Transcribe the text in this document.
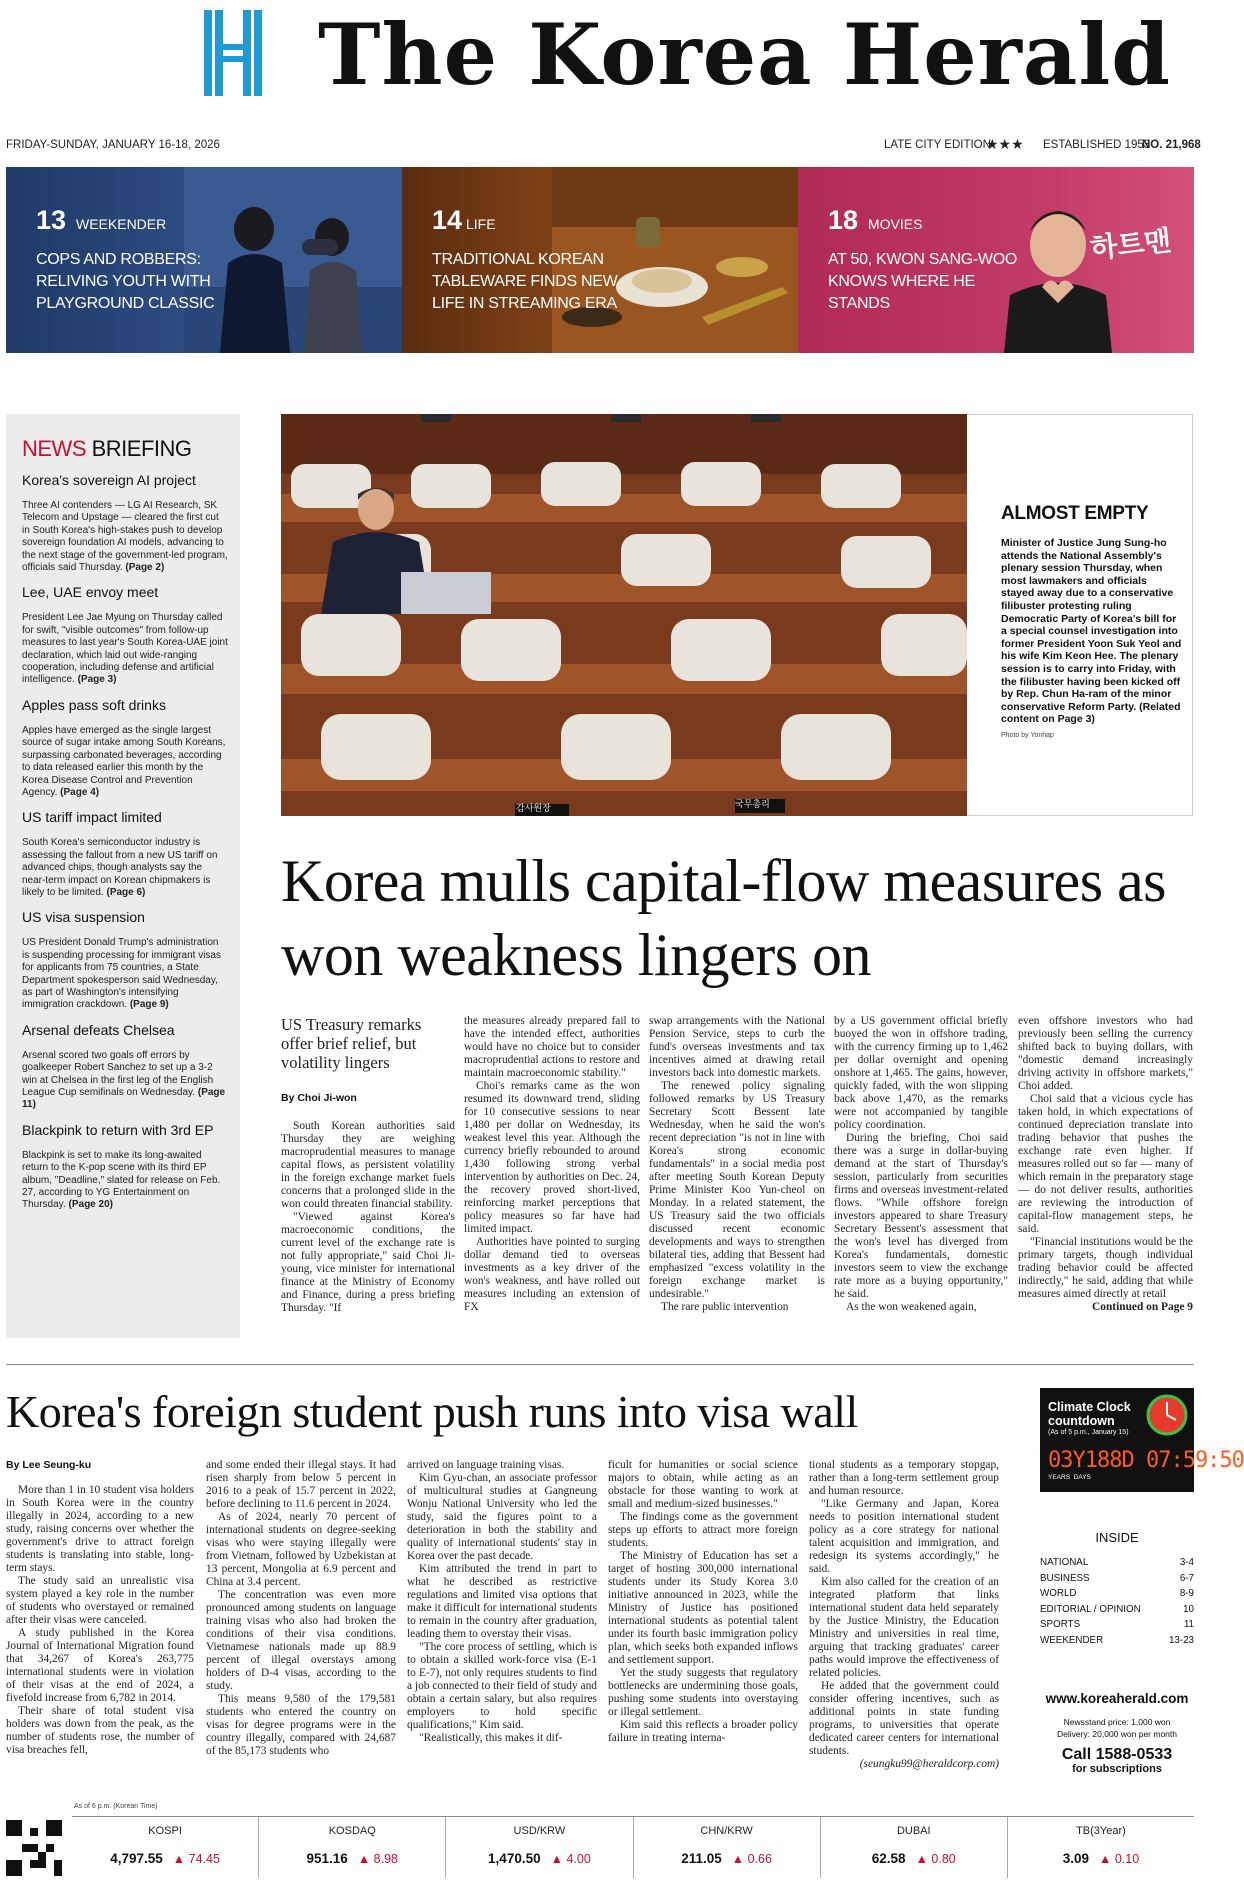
The Korea Herald
FRIDAY-SUNDAY, JANUARY 16-18, 2026	LATE CITY EDITION
★★★ ESTABLISHED 1953
NO. 21,968
13 WEEKENDER
COPS AND ROBBERS: RELIVING YOUTH WITH PLAYGROUND CLASSIC
14 LIFE
TRADITIONAL KOREAN TABLEWARE FINDS NEW LIFE IN STREAMING ERA
하트맨
18 MOVIES
AT 50, KWON SANG-WOO KNOWS WHERE HE STANDS
NEWS BRIEFING
Korea's sovereign AI project
Three AI contenders — LG AI Research, SK Telecom and Upstage — cleared the first cut in South Korea's high-stakes push to develop sovereign foundation AI models, advancing to the next stage of the government-led program, officials said Thursday. (Page 2)
Lee, UAE envoy meet
President Lee Jae Myung on Thursday called for swift, "visible outcomes" from follow-up measures to last year's South Korea-UAE joint declaration, which laid out wide-ranging cooperation, including defense and artificial intelligence. (Page 3)
Apples pass soft drinks
Apples have emerged as the single largest source of sugar intake among South Koreans, surpassing carbonated beverages, according to data released earlier this month by the Korea Disease Control and Prevention Agency. (Page 4)
US tariff impact limited
South Korea's semiconductor industry is assessing the fallout from a new US tariff on advanced chips, though analysts say the near-term impact on Korean chipmakers is likely to be limited. (Page 6)
US visa suspension
US President Donald Trump's administration is suspending processing for immigrant visas for applicants from 75 countries, a State Department spokesperson said Wednesday, as part of Washington's intensifying immigration crackdown. (Page 9)
Arsenal defeats Chelsea
Arsenal scored two goals off errors by goalkeeper Robert Sanchez to set up a 3-2 win at Chelsea in the first leg of the English League Cup semifinals on Wednesday. (Page 11)
Blackpink to return with 3rd EP
Blackpink is set to make its long-awaited return to the K-pop scene with its third EP album, "Deadline," slated for release on Feb. 27, according to YG Entertainment on Thursday. (Page 20)
감사원장	국무총리
ALMOST EMPTY
Minister of Justice Jung Sung-ho attends the National Assembly's plenary session Thursday, when most lawmakers and officials stayed away due to a conservative filibuster protesting ruling Democratic Party of Korea's bill for a special counsel investigation into former President Yoon Suk Yeol and his wife Kim Keon Hee. The plenary session is to carry into Friday, with the filibuster having been kicked off by Rep. Chun Ha-ram of the minor conservative Reform Party. (Related content on Page 3)
Photo by Yonhap
Korea mulls capital-flow measures as won weakness lingers on
US Treasury remarks offer brief relief, but volatility lingers
By Choi Ji-won

South Korean authorities said Thursday they are weighing macroprudential measures to manage capital flows, as persistent volatility in the foreign exchange market fuels concerns that a prolonged slide in the won could threaten financial stability.

"Viewed against Korea's macroeconomic conditions, the current level of the exchange rate is not fully appropriate," said Choi Ji-young, vice minister for international finance at the Ministry of Economy and Finance, during a press briefing Thursday. "If

the measures already prepared fail to have the intended effect, authorities would have no choice but to consider macroprudential actions to restore and maintain macroeconomic stability."

Choi's remarks came as the won resumed its downward trend, sliding for 10 consecutive sessions to near 1,480 per dollar on Wednesday, its weakest level this year. Although the currency briefly rebounded to around 1,430 following strong verbal intervention by authorities on Dec. 24, the recovery proved short-lived, reinforcing market perceptions that policy measures so far have had limited impact.

Authorities have pointed to surging dollar demand tied to overseas investments as a key driver of the won's weakness, and have rolled out measures including an extension of FX

swap arrangements with the National Pension Service, steps to curb the fund's overseas investments and tax incentives aimed at drawing retail investors back into domestic markets.

The renewed policy signaling followed remarks by US Treasury Secretary Scott Bessent late Wednesday, when he said the won's recent depreciation "is not in line with Korea's strong economic fundamentals" in a social media post after meeting South Korean Deputy Prime Minister Koo Yun-cheol on Monday. In a related statement, the US Treasury said the two officials discussed recent economic developments and ways to strengthen bilateral ties, adding that Bessent had emphasized "excess volatility in the foreign exchange market is undesirable."

The rare public intervention

by a US government official briefly buoyed the won in offshore trading, with the currency firming up to 1,462 per dollar overnight and opening onshore at 1,465. The gains, however, quickly faded, with the won slipping back above 1,470, as the remarks were not accompanied by tangible policy coordination.

During the briefing, Choi said there was a surge in dollar-buying demand at the start of Thursday's session, particularly from securities firms and overseas investment-related flows. "While offshore foreign investors appeared to share Treasury Secretary Bessent's assessment that the won's level has diverged from Korea's fundamentals, domestic investors seem to view the exchange rate more as a buying opportunity," he said.

As the won weakened again,

even offshore investors who had previously been selling the currency shifted back to buying dollars, with "domestic demand increasingly driving activity in offshore markets," Choi added.

Choi said that a vicious cycle has taken hold, in which expectations of continued depreciation translate into trading behavior that pushes the exchange rate even higher. If measures rolled out so far — many of which remain in the preparatory stage — do not deliver results, authorities are reviewing the introduction of capital-flow management steps, he said.

"Financial institutions would be the primary targets, though individual trading behavior could be affected indirectly," he said, adding that while measures aimed directly at retail

Continued on Page 9

Korea's foreign student push runs into visa wall
By Lee Seung-ku

More than 1 in 10 student visa holders in South Korea were in the country illegally in 2024, according to a new study, raising concerns over whether the government's drive to attract foreign students is translating into stable, long-term stays.

The study said an unrealistic visa system played a key role in the number of students who overstayed or remained after their visas were canceled.

A study published in the Korea Journal of International Migration found that 34,267 of Korea's 263,775 international students were in violation of their visas at the end of 2024, a fivefold increase from 6,782 in 2014.

Their share of total student visa holders was down from the peak, as the number of students rose, the number of visa breaches fell,

and some ended their illegal stays. It had risen sharply from below 5 percent in 2016 to a peak of 15.7 percent in 2022, before declining to 11.6 percent in 2024.

As of 2024, nearly 70 percent of international students on degree-seeking visas who were staying illegally were from Vietnam, followed by Uzbekistan at 13 percent, Mongolia at 6.9 percent and China at 3.4 percent.

The concentration was even more pronounced among students on language training visas who also had broken the conditions of their visa conditions. Vietnamese nationals made up 88.9 percent of illegal overstays among holders of D-4 visas, according to the study.

This means 9,580 of the 179,581 students who entered the country on visas for degree programs were in the country illegally, compared with 24,687 of the 85,173 students who

arrived on language training visas.

Kim Gyu-chan, an associate professor of multicultural studies at Gangneung Wonju National University who led the study, said the figures point to a deterioration in both the stability and quality of international students' stay in Korea over the past decade.

Kim attributed the trend in part to what he described as restrictive regulations and limited visa options that make it difficult for international students to remain in the country after graduation, leading them to overstay their visas.

"The core process of settling, which is to obtain a skilled work-force visa (E-1 to E-7), not only requires students to find a job connected to their field of study and obtain a certain salary, but also requires employers to hold specific qualifications," Kim said.

"Realistically, this makes it dif-

ficult for humanities or social science majors to obtain, while acting as an obstacle for those wanting to work at small and medium-sized businesses."

The findings come as the government steps up efforts to attract more foreign students.

The Ministry of Education has set a target of hosting 300,000 international students under its Study Korea 3.0 initiative announced in 2023, while the Ministry of Justice has positioned international students as potential talent under its fourth basic immigration policy plan, which seeks both expanded inflows and settlement support.

Yet the study suggests that regulatory bottlenecks are undermining those goals, pushing some students into overstaying or illegal settlement.

Kim said this reflects a broader policy failure in treating interna-

tional students as a temporary stopgap, rather than a long-term settlement group and human resource.

"Like Germany and Japan, Korea needs to position international student policy as a core strategy for national talent acquisition and immigration, and redesign its systems accordingly," he said.

Kim also called for the creation of an integrated platform that links international student data held separately by the Justice Ministry, the Education Ministry and universities in real time, arguing that tracking graduates' career paths would improve the effectiveness of related policies.

He added that the government could consider offering incentives, such as additional points in state funding programs, to universities that operate dedicated career centers for international students.

(seungku99@heraldcorp.com)

Climate Clock countdown
(As of 5 p.m., January 15)
03Y188D 07:59:50
YEARS DAYS
INSIDE
NATIONAL	3-4
BUSINESS	6-7
WORLD	8-9
EDITORIAL / OPINION	10
SPORTS	11
WEEKENDER	13-23
www.koreaherald.com
Newsstand price: 1,000 won
Delivery: 20,000 won per month
Call 1588-0533
for subscriptions
As of 6 p.m. (Korean Time)
KOSPI
4,797.55 ▲ 74.45
KOSDAQ
951.16 ▲ 8.98
USD/KRW
1,470.50 ▲ 4.00
CHN/KRW
211.05 ▲ 0.66
DUBAI
62.58 ▲ 0.80
TB(3Year)
3.09 ▲ 0.10
